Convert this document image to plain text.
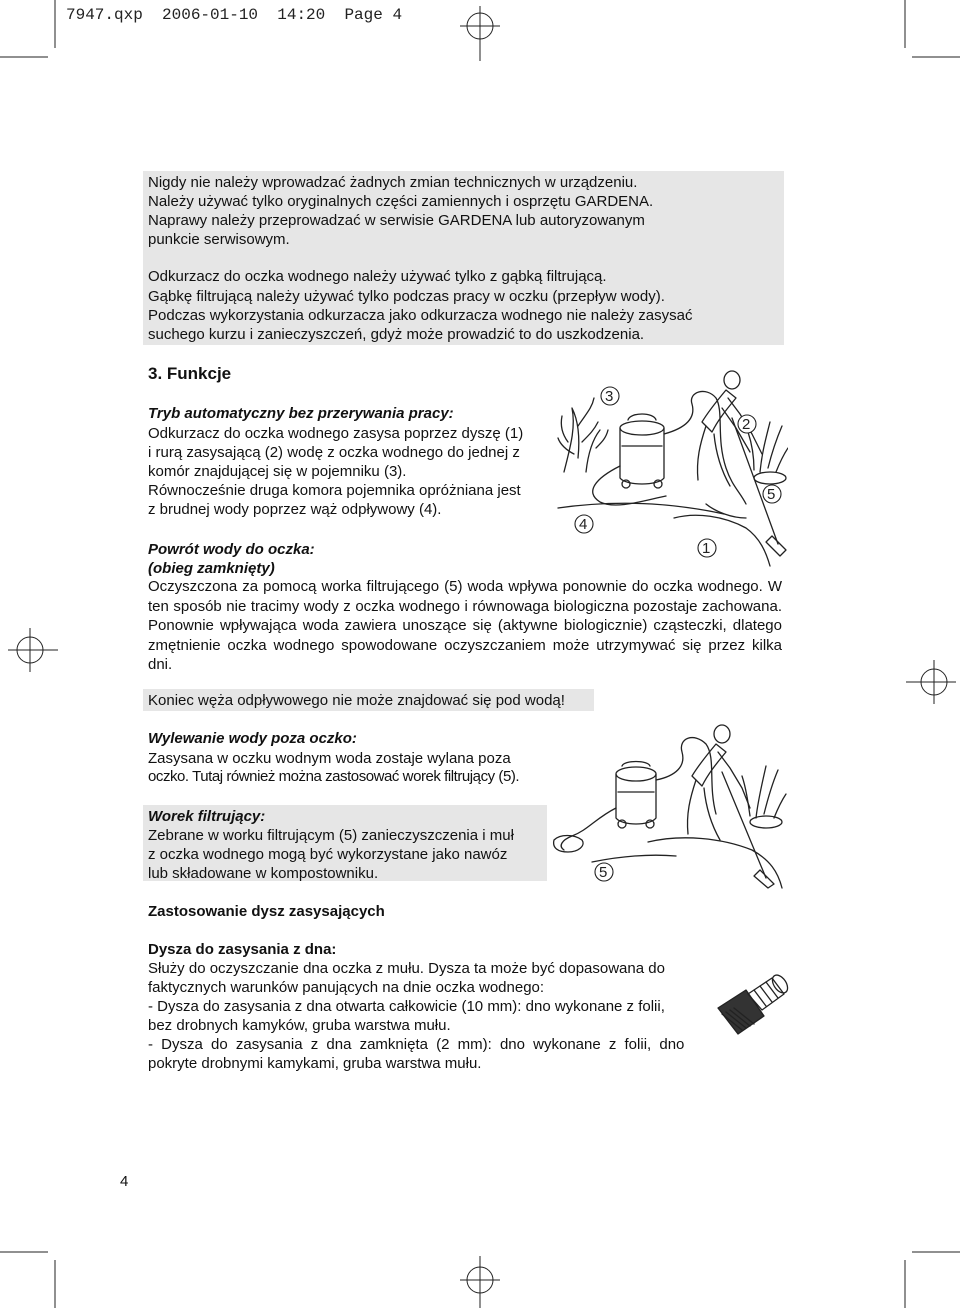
7947.qxp  2006-01-10  14:20  Page 4
Nigdy nie należy wprowadzać żadnych zmian technicznych w urządzeniu.
Należy używać tylko oryginalnych części zamiennych i osprzętu GARDENA.
Naprawy należy przeprowadzać w serwisie GARDENA lub autoryzowanym
punkcie serwisowym.
Odkurzacz do oczka wodnego należy używać tylko z gąbką filtrującą.
Gąbkę filtrującą należy używać tylko podczas pracy w oczku (przepływ wody).
Podczas wykorzystania odkurzacza jako odkurzacza wodnego nie należy zasysać
suchego kurzu i zanieczyszczeń, gdyż może prowadzić to do uszkodzenia.
3. Funkcje
Tryb automatyczny bez przerywania pracy:
Odkurzacz do oczka wodnego zasysa poprzez dyszę (1)
i rurą zasysającą (2) wodę z oczka wodnego do jednej z
komór znajdującej się w pojemniku (3).
Równocześnie druga komora pojemnika opróżniana jest
z brudnej wody poprzez wąż odpływowy (4).
3
2
5
4
1
Powrót wody do oczka:
(obieg zamknięty)
Oczyszczona za pomocą worka filtrującego (5) woda wpływa ponownie do oczka wodnego. W ten sposób nie tracimy wody z oczka wodnego i równowaga biologiczna pozostaje zachowana. Ponownie wpływająca woda zawiera unoszące się (aktywne biologicznie) cząsteczki, dlatego zmętnienie oczka wodnego spowodowane oczyszczaniem może utrzymywać się przez kilka dni.
Koniec węża odpływowego nie może znajdować się pod wodą!
Wylewanie wody poza oczko:
Zasysana w oczku wodnym woda zostaje wylana poza
oczko. Tutaj również można zastosować worek filtrujący (5).
5
Worek filtrujący:
Zebrane w worku filtrującym (5) zanieczyszczenia i muł
z oczka wodnego mogą być wykorzystane jako nawóz
lub składowane w kompostowniku.
Zastosowanie dysz zasysających
Dysza do zasysania z dna:
Służy do oczyszczanie dna oczka z mułu. Dysza ta może być dopasowana do
faktycznych warunków panujących na dnie oczka wodnego:
- Dysza do zasysania z dna otwarta całkowicie (10 mm): dno wykonane z folii,
bez drobnych kamyków, gruba warstwa mułu.
- Dysza do zasysania z dna zamknięta (2 mm): dno wykonane z folii, dno
pokryte drobnymi kamykami, gruba warstwa mułu.
4
